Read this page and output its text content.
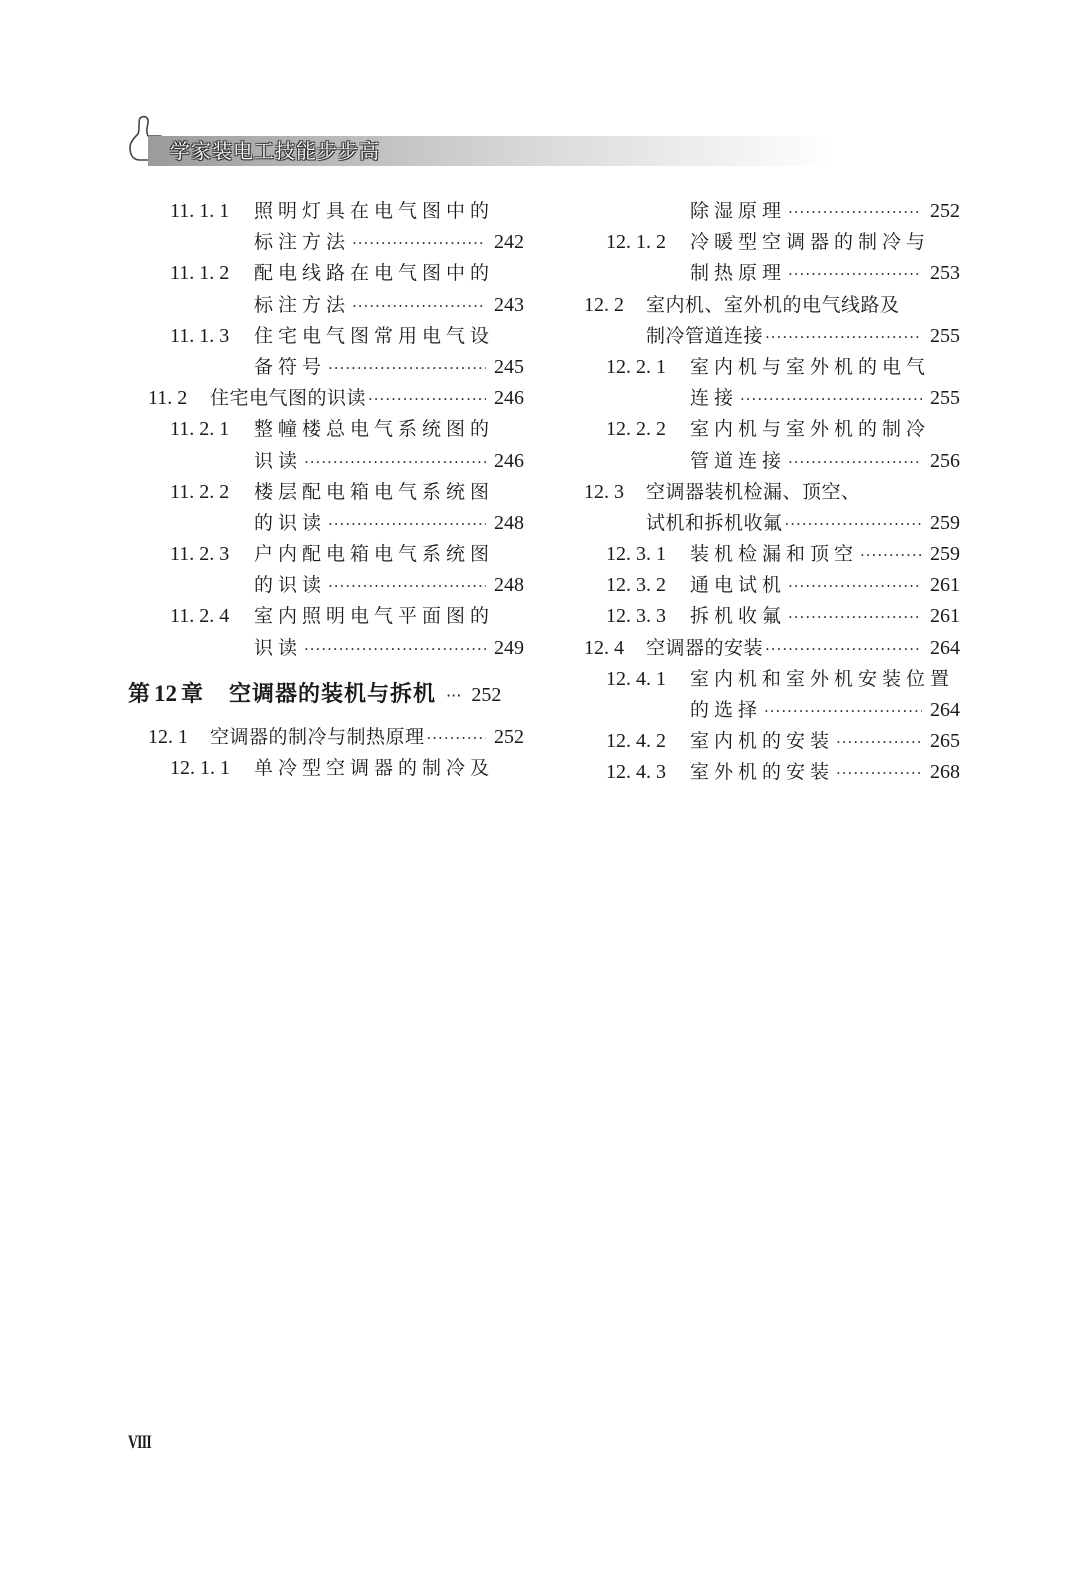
学家装电工技能步步高
11. 1. 1	照明灯具在电气图中的
标注方法 ·····	242
11. 1. 2	配电线路在电气图中的
标注方法 ·····	243
11. 1. 3	住宅电气图常用电气设
备符号 ·····	245
11. 2	住宅电气图的识读 ·····	246
11. 2. 1	整幢楼总电气系统图的
识读 ·····	246
11. 2. 2	楼层配电箱电气系统图
的识读 ·····	248
11. 2. 3	户内配电箱电气系统图
的识读 ·····	248
11. 2. 4	室内照明电气平面图的
识读 ·····	249
第 12 章 空调器的装机与拆机 ··· 252
12. 1	空调器的制冷与制热原理 ·····	252
12. 1. 1	单冷型空调器的制冷及
除湿原理 ·····	252
12. 1. 2	冷暖型空调器的制冷与
制热原理 ·····	253
12. 2	室内机、室外机的电气线路及
制冷管道连接 ·····	255
12. 2. 1	室内机与室外机的电气
连接 ·····	255
12. 2. 2	室内机与室外机的制冷
管道连接 ·····	256
12. 3	空调器装机检漏、顶空、
试机和拆机收氟 ·····	259
12. 3. 1	装机检漏和顶空 ·····	259
12. 3. 2	通电试机 ·····	261
12. 3. 3	拆机收氟 ·····	261
12. 4	空调器的安装 ·····	264
12. 4. 1	室内机和室外机安装位置
的选择 ·····	264
12. 4. 2	室内机的安装 ·····	265
12. 4. 3	室外机的安装 ·····	268
VIII
